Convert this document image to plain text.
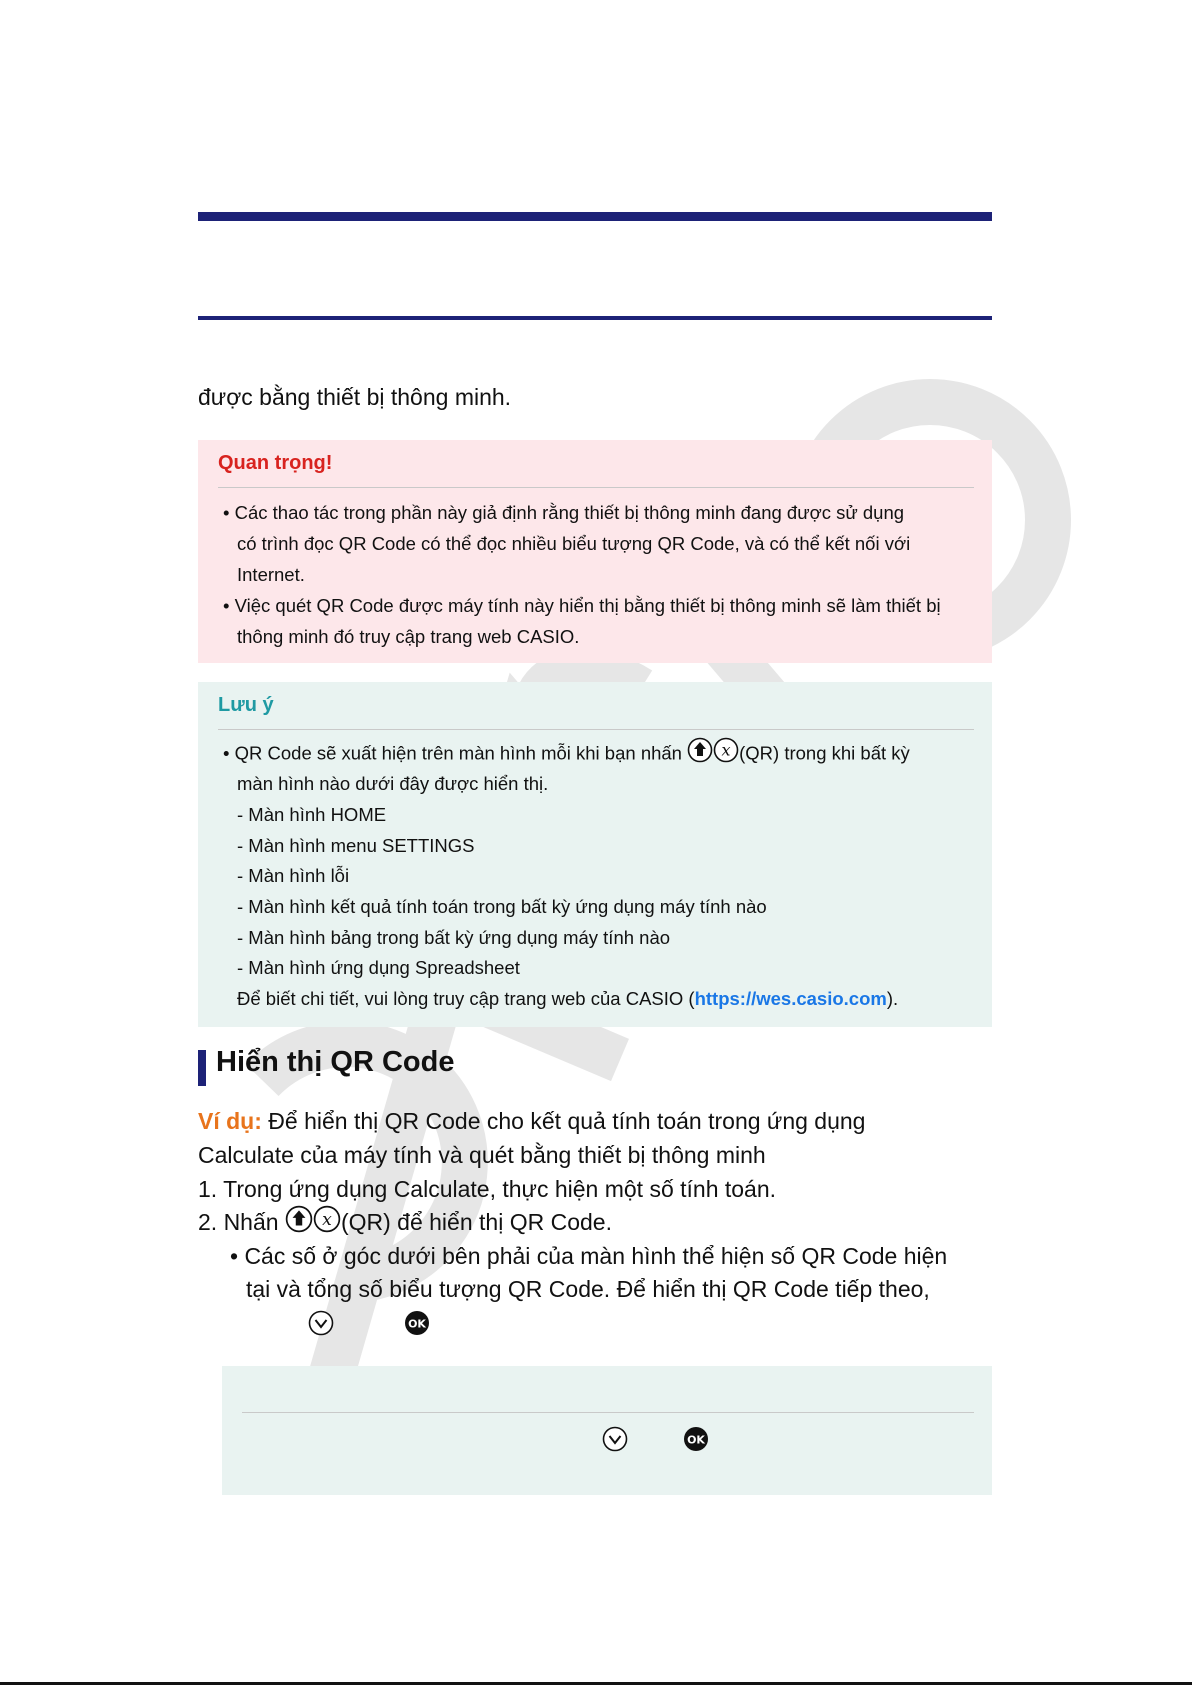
được bằng thiết bị thông minh.
Quan trọng!
• Các thao tác trong phần này giả định rằng thiết bị thông minh đang được sử dụng
có trình đọc QR Code có thể đọc nhiều biểu tượng QR Code, và có thể kết nối với
Internet.
• Việc quét QR Code được máy tính này hiển thị bằng thiết bị thông minh sẽ làm thiết bị
thông minh đó truy cập trang web CASIO.
Lưu ý
• QR Code sẽ xuất hiện trên màn hình mỗi khi bạn nhấn x (QR) trong khi bất kỳ
màn hình nào dưới đây được hiển thị.
- Màn hình HOME
- Màn hình menu SETTINGS
- Màn hình lỗi
- Màn hình kết quả tính toán trong bất kỳ ứng dụng máy tính nào
- Màn hình bảng trong bất kỳ ứng dụng máy tính nào
- Màn hình ứng dụng Spreadsheet
Để biết chi tiết, vui lòng truy cập trang web của CASIO (https://wes.casio.com).
Hiển thị QR Code
Ví dụ: Để hiển thị QR Code cho kết quả tính toán trong ứng dụng
Calculate của máy tính và quét bằng thiết bị thông minh
1. Trong ứng dụng Calculate, thực hiện một số tính toán.
2. Nhấn	x (QR) để hiển thị QR Code.
• Các số ở góc dưới bên phải của màn hình thể hiện số QR Code hiện
tại và tổng số biểu tượng QR Code. Để hiển thị QR Code tiếp theo,
OK
OK
